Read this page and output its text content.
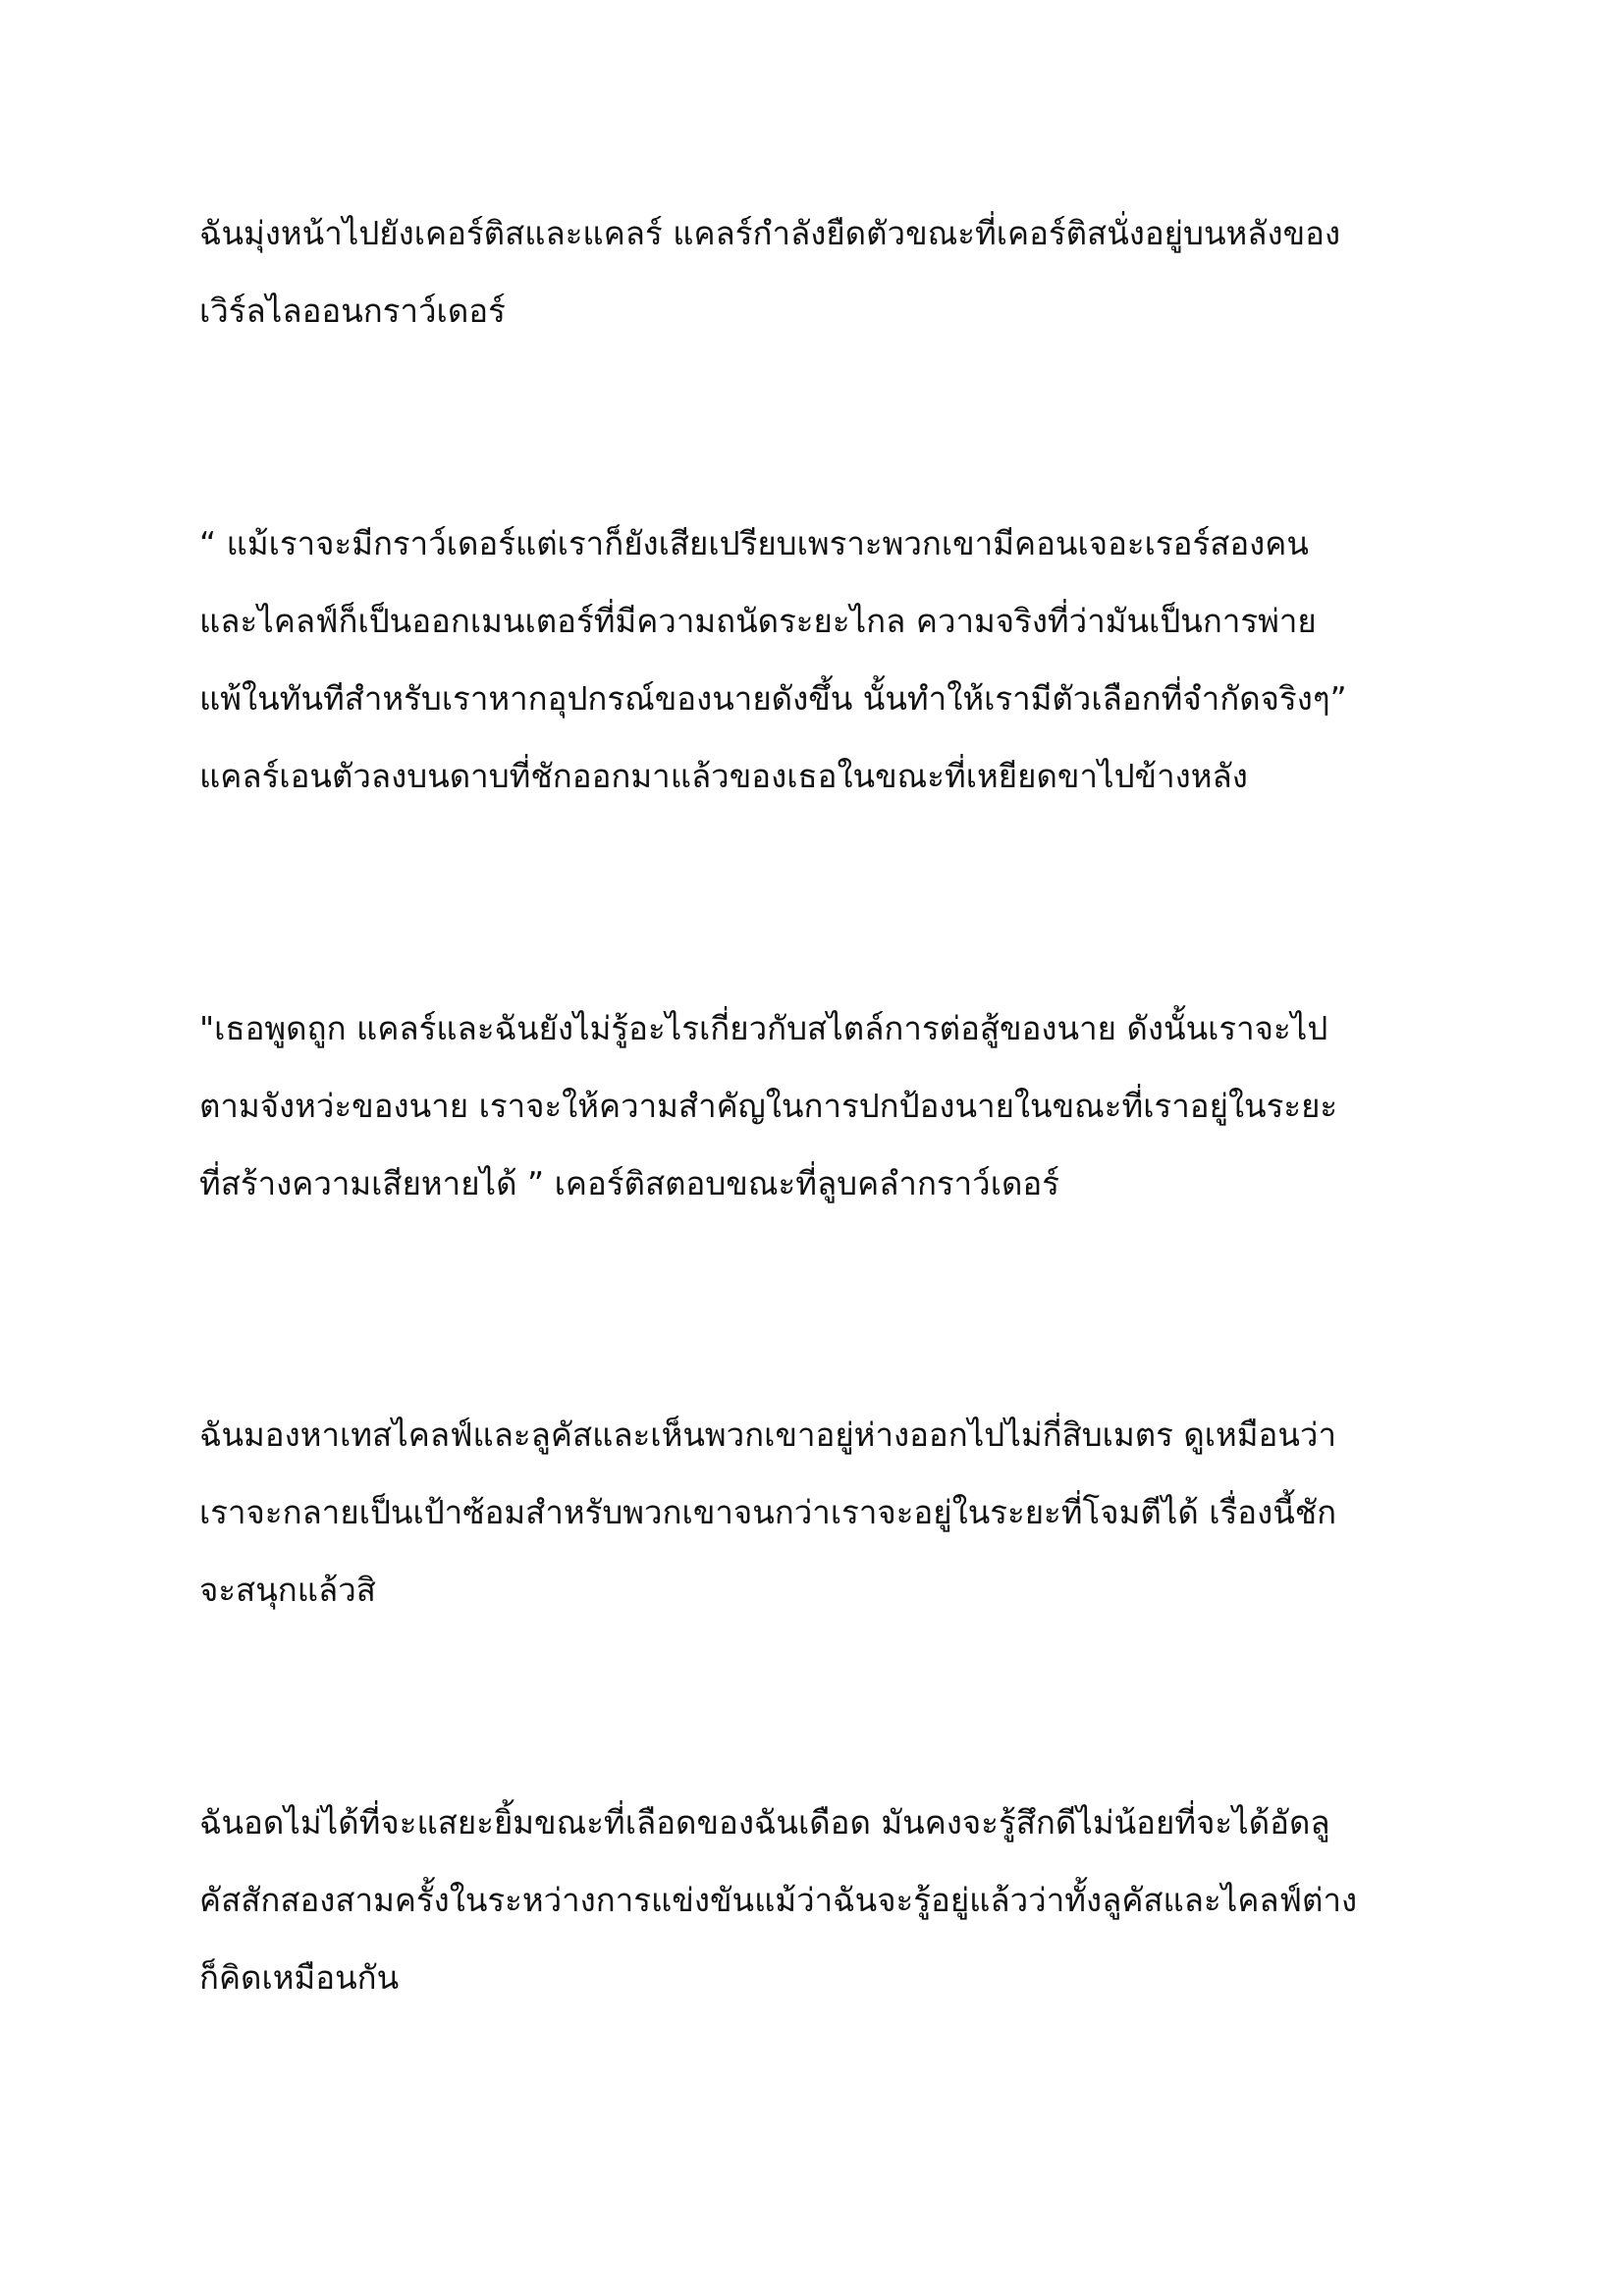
ฉันมุ่งหน้าไปยังเคอร์ติสและแคลร์ แคลร์กำลังยืดตัวขณะที่เคอร์ติสนั่งอยู่บนหลังของ
เวิร์ลไลออนกราว์เดอร์

“ แม้เราจะมีกราว์เดอร์แต่เราก็ยังเสียเปรียบเพราะพวกเขามีคอนเจอะเรอร์สองคน
และไคลฟ์ก็เป็นออกเมนเตอร์ที่มีความถนัดระยะไกล ความจริงที่ว่ามันเป็นการพ่าย
แพ้ในทันทีสำหรับเราหากอุปกรณ์ของนายดังขึ้น นั้นทำให้เรามีตัวเลือกที่จำกัดจริงๆ”
แคลร์เอนตัวลงบนดาบที่ชักออกมาแล้วของเธอในขณะที่เหยียดขาไปข้างหลัง

"เธอพูดถูก แคลร์และฉันยังไม่รู้อะไรเกี่ยวกับสไตล์การต่อสู้ของนาย ดังนั้นเราจะไป
ตามจังหว่ะของนาย เราจะให้ความสำคัญในการปกป้องนายในขณะที่เราอยู่ในระยะ
ที่สร้างความเสียหายได้ ” เคอร์ติสตอบขณะที่ลูบคลำกราว์เดอร์

ฉันมองหาเทสไคลฟ์และลูคัสและเห็นพวกเขาอยู่ห่างออกไปไม่กี่สิบเมตร ดูเหมือนว่า
เราจะกลายเป็นเป้าซ้อมสำหรับพวกเขาจนกว่าเราจะอยู่ในระยะที่โจมตีได้ เรื่องนี้ชัก
จะสนุกแล้วสิ

ฉันอดไม่ได้ที่จะแสยะยิ้มขณะที่เลือดของฉันเดือด มันคงจะรู้สึกดีไม่น้อยที่จะได้อัดลู
คัสสักสองสามครั้งในระหว่างการแข่งขันแม้ว่าฉันจะรู้อยู่แล้วว่าทั้งลูคัสและไคลฟ์ต่าง
ก็คิดเหมือนกัน
